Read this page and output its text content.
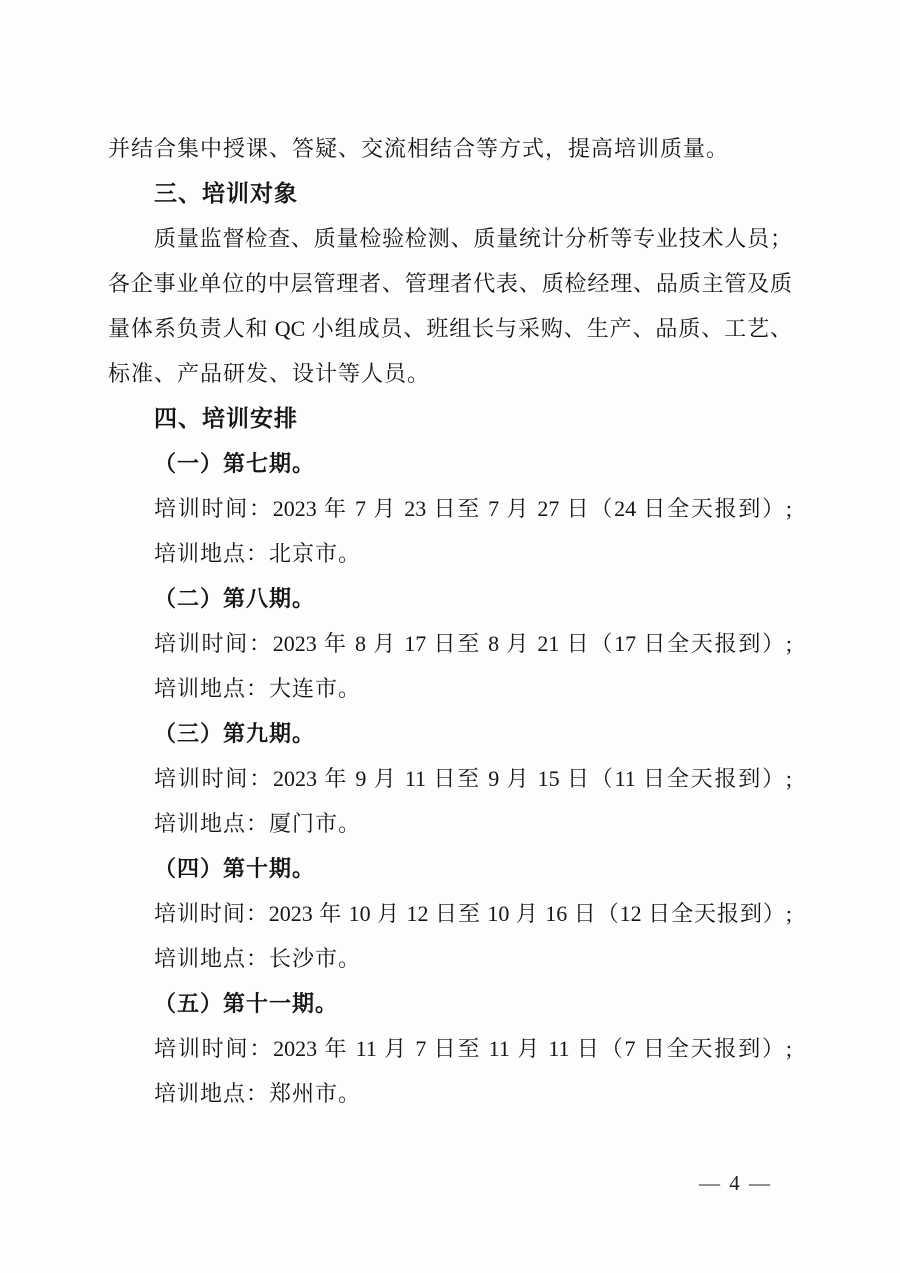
并结合集中授课、答疑、交流相结合等方式，提高培训质量。
三、培训对象
质量监督检查、质量检验检测、质量统计分析等专业技术人员；
各企事业单位的中层管理者、管理者代表、质检经理、品质主管及质
量体系负责人和 QC 小组成员、班组长与采购、生产、品质、工艺、
标准、产品研发、设计等人员。
四、培训安排
（一）第七期。
培训时间：2023 年 7 月 23 日至 7 月 27 日（24 日全天报到）;
培训地点：北京市。
（二）第八期。
培训时间：2023 年 8 月 17 日至 8 月 21 日（17 日全天报到）;
培训地点：大连市。
（三）第九期。
培训时间：2023 年 9 月 11 日至 9 月 15 日（11 日全天报到）;
培训地点：厦门市。
（四）第十期。
培训时间：2023 年 10 月 12 日至 10 月 16 日（12 日全天报到）;
培训地点：长沙市。
（五）第十一期。
培训时间：2023 年 11 月 7 日至 11 月 11 日（7 日全天报到）;
培训地点：郑州市。
— 4 —
